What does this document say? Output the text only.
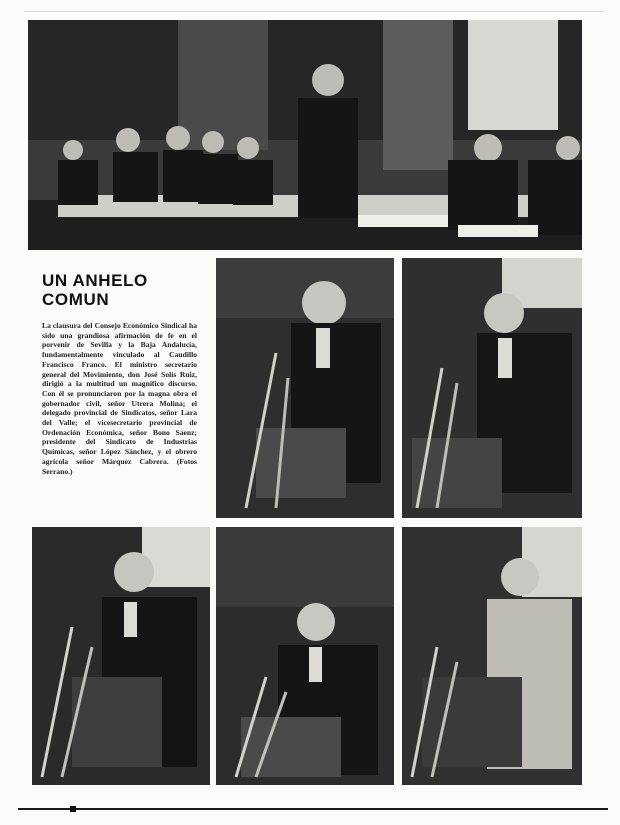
UN ANHELO
COMUN
La clausura del Consejo Económico Sindical ha sido una grandiosa afirmación de fe en el porvenir de Sevilla y la Baja Andalucía, fundamentalmente vinculado al Caudillo Francisco Franco. El ministro secretario general del Movimiento, don José Solís Ruiz, dirigió a la multitud un magnífico discurso. Con él se pronunciaron por la magna obra el gobernador civil, señor Utrera Molina; el delegado provincial de Sindicatos, señor Lara del Valle; el vicesecretario provincial de Ordenación Económica, señor Bono Saenz; presidente del Sindicato de Industrias Químicas, señor López Sánchez, y el obrero agrícola señor Márquez Cabrera. (Fotos Serrano.)
